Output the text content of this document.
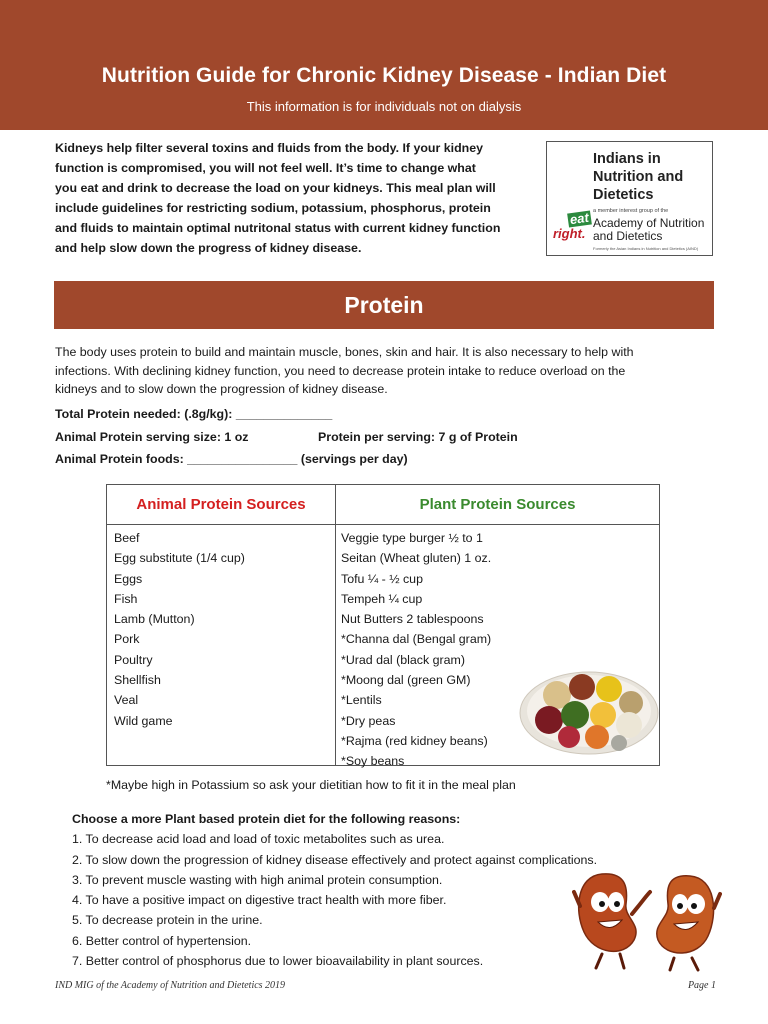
Nutrition Guide for Chronic Kidney Disease - Indian Diet
This information is for individuals not on dialysis
Kidneys help filter several toxins and fluids from the body. If your kidney
function is compromised, you will not feel well. It’s time to change what
you eat and drink to decrease the load on your kidneys. This meal plan will
include guidelines for restricting sodium, potassium, phosphorus, protein
and fluids to maintain optimal nutritonal status with current kidney function
and help slow down the progress of kidney disease.
eat
right.
Indians in
Nutrition and
Dietetics
a member interest group of the
Academy of Nutrition
and Dietetics
Formerly the Asian Indians in Nutrition and Dietetics (AIND)
Protein
The body uses protein to build and maintain muscle, bones, skin and hair. It is also necessary to help with
infections. With declining kidney function, you need to decrease protein intake to reduce overload on the
kidneys and to slow down the progression of kidney disease.
Total Protein needed: (.8g/kg): ______________
Animal Protein serving size: 1 oz	Protein per serving: 7 g of Protein
Animal Protein foods: ________________ (servings per day)
Animal Protein Sources	Plant Protein Sources
Beef
Egg substitute (1/4 cup)
Eggs
Fish
Lamb (Mutton)
Pork
Poultry
Shellfish
Veal
Wild game
Veggie type burger ½ to 1
Seitan (Wheat gluten) 1 oz.
Tofu ¼ - ½ cup
Tempeh ¼ cup
Nut Butters 2 tablespoons
*Channa dal (Bengal gram)
*Urad dal (black gram)
*Moong dal (green GM)
*Lentils
*Dry peas
*Rajma (red kidney beans)
*Soy beans
*Maybe high in Potassium so ask your dietitian how to fit it in the meal plan
Choose a more Plant based protein diet for the following reasons:
1. To decrease acid load and load of toxic metabolites such as urea.
2. To slow down the progression of kidney disease effectively and protect against complications.
3. To prevent muscle wasting with high animal protein consumption.
4. To have a positive impact on digestive tract health with more fiber.
5. To decrease protein in the urine.
6. Better control of hypertension.
7. Better control of phosphorus due to lower bioavailability in plant sources.
IND MIG of the Academy of Nutrition and Dietetics 2019	Page 1
